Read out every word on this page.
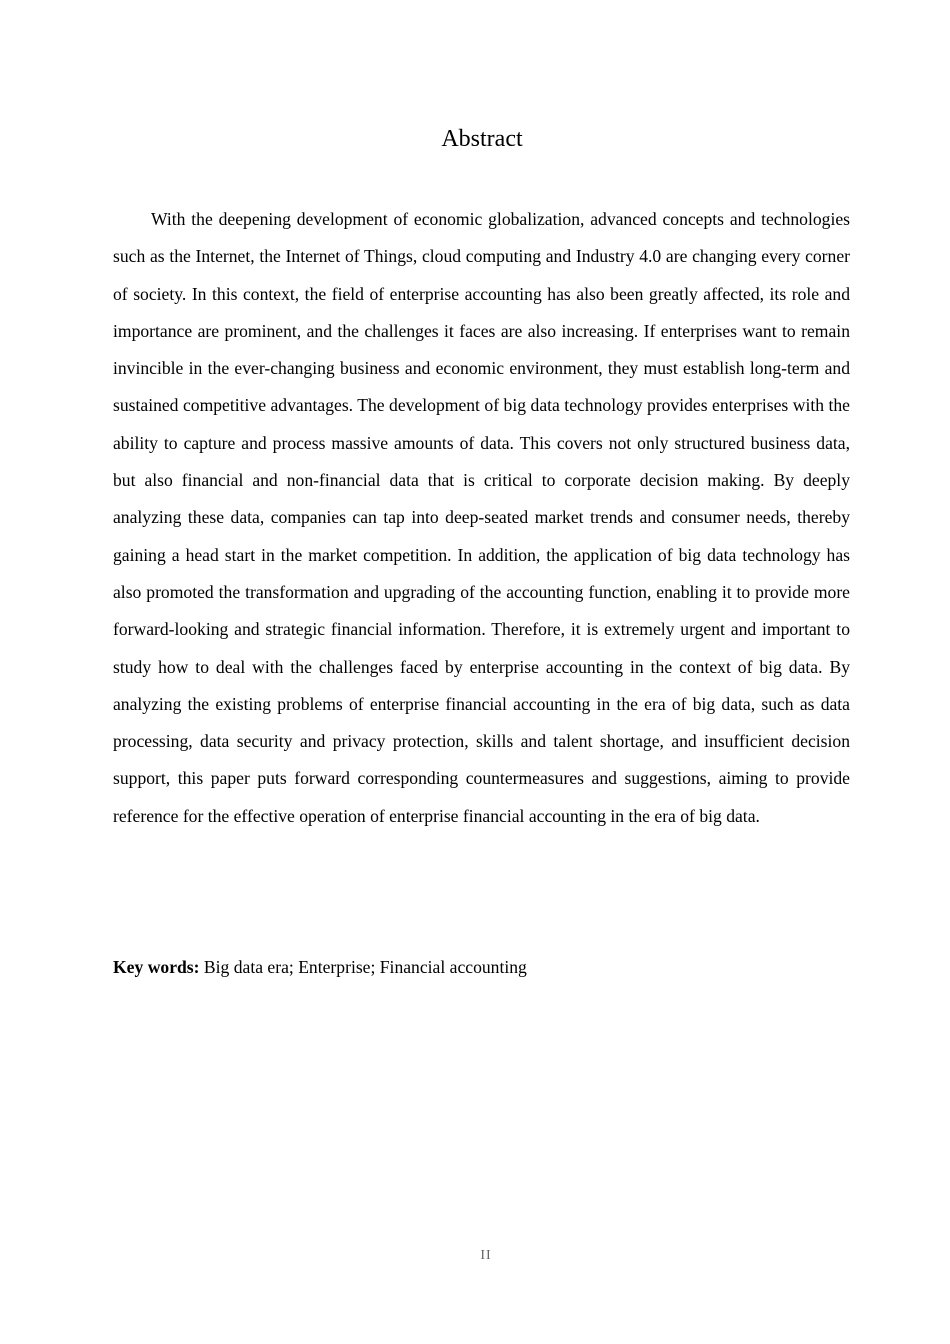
Abstract

With the deepening development of economic globalization, advanced concepts and technologies such as the Internet, the Internet of Things, cloud computing and Industry 4.0 are changing every corner of society. In this context, the field of enterprise accounting has also been greatly affected, its role and importance are prominent, and the challenges it faces are also increasing. If enterprises want to remain invincible in the ever-changing business and economic environment, they must establish long-term and sustained competitive advantages. The development of big data technology provides enterprises with the ability to capture and process massive amounts of data. This covers not only structured business data, but also financial and non-financial data that is critical to corporate decision making. By deeply analyzing these data, companies can tap into deep-seated market trends and consumer needs, thereby gaining a head start in the market competition. In addition, the application of big data technology has also promoted the transformation and upgrading of the accounting function, enabling it to provide more forward-looking and strategic financial information. Therefore, it is extremely urgent and important to study how to deal with the challenges faced by enterprise accounting in the context of big data. By analyzing the existing problems of enterprise financial accounting in the era of big data, such as data processing, data security and privacy protection, skills and talent shortage, and insufficient decision support, this paper puts forward corresponding countermeasures and suggestions, aiming to provide reference for the effective operation of enterprise financial accounting in the era of big data.

Key words: Big data era; Enterprise; Financial accounting

II
